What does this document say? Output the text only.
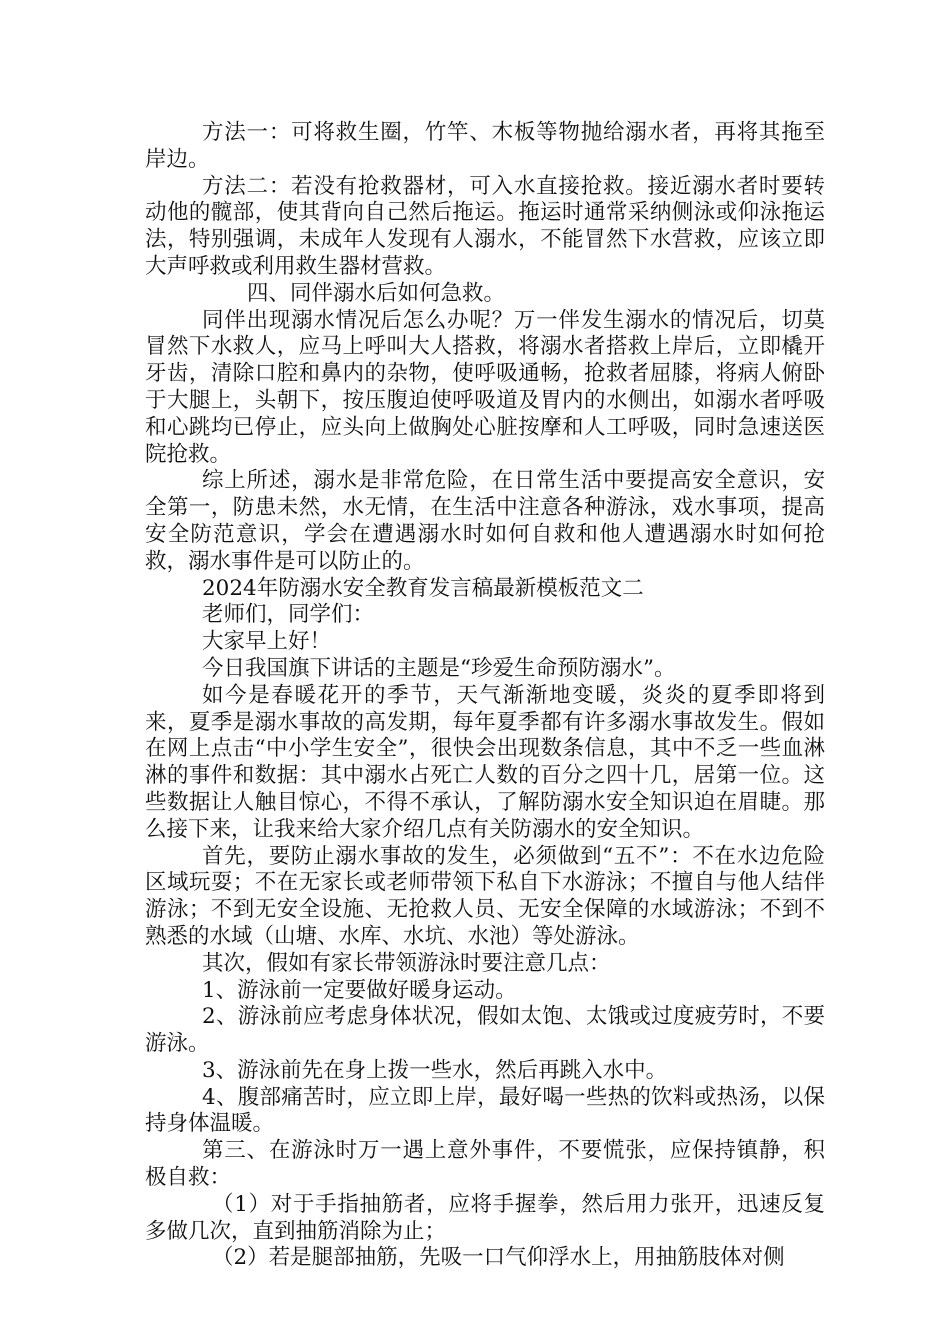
方法一：可将救生圈，竹竿、木板等物抛给溺水者，再将其拖至岸边。

方法二：若没有抢救器材，可入水直接抢救。接近溺水者时要转动他的髋部，使其背向自己然后拖运。拖运时通常采纳侧泳或仰泳拖运法，特别强调，未成年人发现有人溺水，不能冒然下水营救，应该立即大声呼救或利用救生器材营救。

四、同伴溺水后如何急救。

同伴出现溺水情况后怎么办呢？万一伴发生溺水的情况后，切莫冒然下水救人，应马上呼叫大人搭救，将溺水者搭救上岸后，立即橇开牙齿，清除口腔和鼻内的杂物，使呼吸通畅，抢救者屈膝，将病人俯卧于大腿上，头朝下，按压腹迫使呼吸道及胃内的水侧出，如溺水者呼吸和心跳均已停止，应头向上做胸处心脏按摩和人工呼吸，同时急速送医院抢救。

综上所述，溺水是非常危险，在日常生活中要提高安全意识，安全第一，防患未然，水无情，在生活中注意各种游泳，戏水事项，提高安全防范意识，学会在遭遇溺水时如何自救和他人遭遇溺水时如何抢救，溺水事件是可以防止的。

2024年防溺水安全教育发言稿最新模板范文二

老师们，同学们：

大家早上好！

今日我国旗下讲话的主题是“珍爱生命预防溺水”。

如今是春暖花开的季节，天气渐渐地变暖，炎炎的夏季即将到来，夏季是溺水事故的高发期，每年夏季都有许多溺水事故发生。假如在网上点击“中小学生安全”，很快会出现数条信息，其中不乏一些血淋淋的事件和数据：其中溺水占死亡人数的百分之四十几，居第一位。这些数据让人触目惊心，不得不承认，了解防溺水安全知识迫在眉睫。那么接下来，让我来给大家介绍几点有关防溺水的安全知识。

首先，要防止溺水事故的发生，必须做到“五不”：不在水边危险区域玩耍；不在无家长或老师带领下私自下水游泳；不擅自与他人结伴游泳；不到无安全设施、无抢救人员、无安全保障的水域游泳；不到不熟悉的水域（山塘、水库、水坑、水池）等处游泳。

其次，假如有家长带领游泳时要注意几点：

1、游泳前一定要做好暖身运动。

2、游泳前应考虑身体状况，假如太饱、太饿或过度疲劳时，不要游泳。

3、游泳前先在身上拨一些水，然后再跳入水中。

4、腹部痛苦时，应立即上岸，最好喝一些热的饮料或热汤，以保持身体温暖。

第三、在游泳时万一遇上意外事件，不要慌张，应保持镇静，积极自救：

（1）对于手指抽筋者，应将手握拳，然后用力张开，迅速反复多做几次，直到抽筋消除为止；

（2）若是腿部抽筋，先吸一口气仰浮水上，用抽筋肢体对侧
